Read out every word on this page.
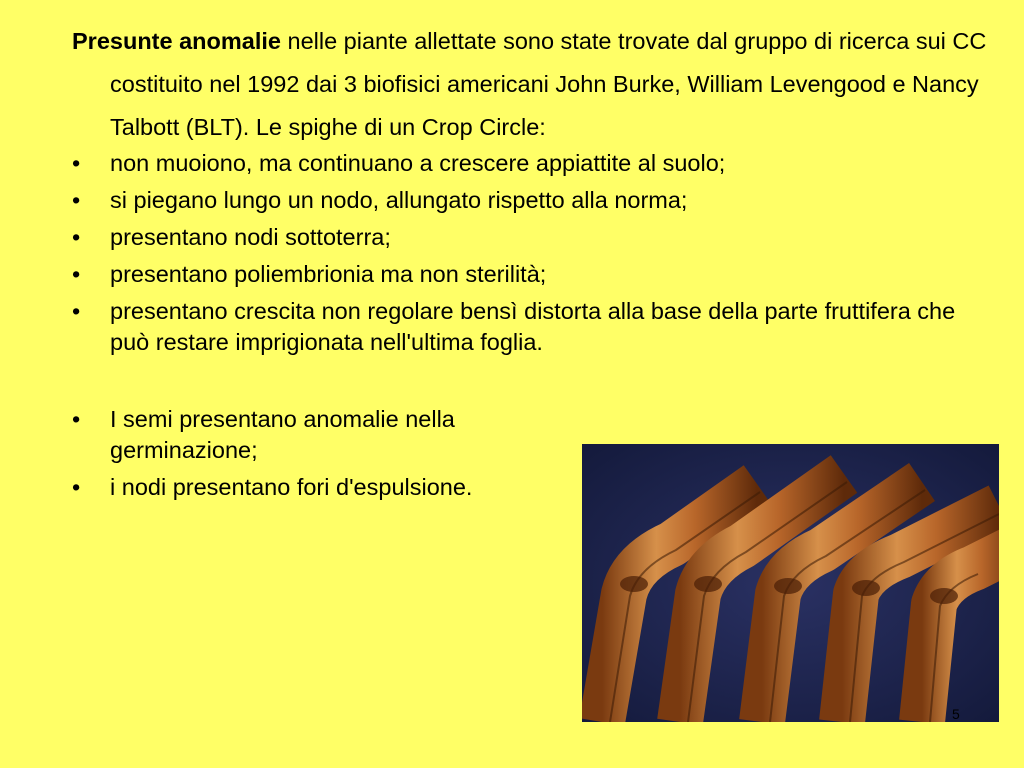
Presunte anomalie nelle piante allettate sono state trovate dal gruppo di ricerca sui CC costituito nel 1992 dai 3 biofisici americani John Burke, William Levengood e Nancy Talbott (BLT). Le spighe di un Crop Circle:

• non muoiono, ma continuano a crescere appiattite al suolo;
• si piegano lungo un nodo, allungato rispetto alla norma;
• presentano nodi sottoterra;
• presentano poliembrionia ma non sterilità;
• presentano crescita non regolare bensì distorta alla base della parte fruttifera che può restare imprigionata nell'ultima foglia.
• I semi presentano anomalie nella germinazione;
• i nodi presentano fori d'espulsione.
5
